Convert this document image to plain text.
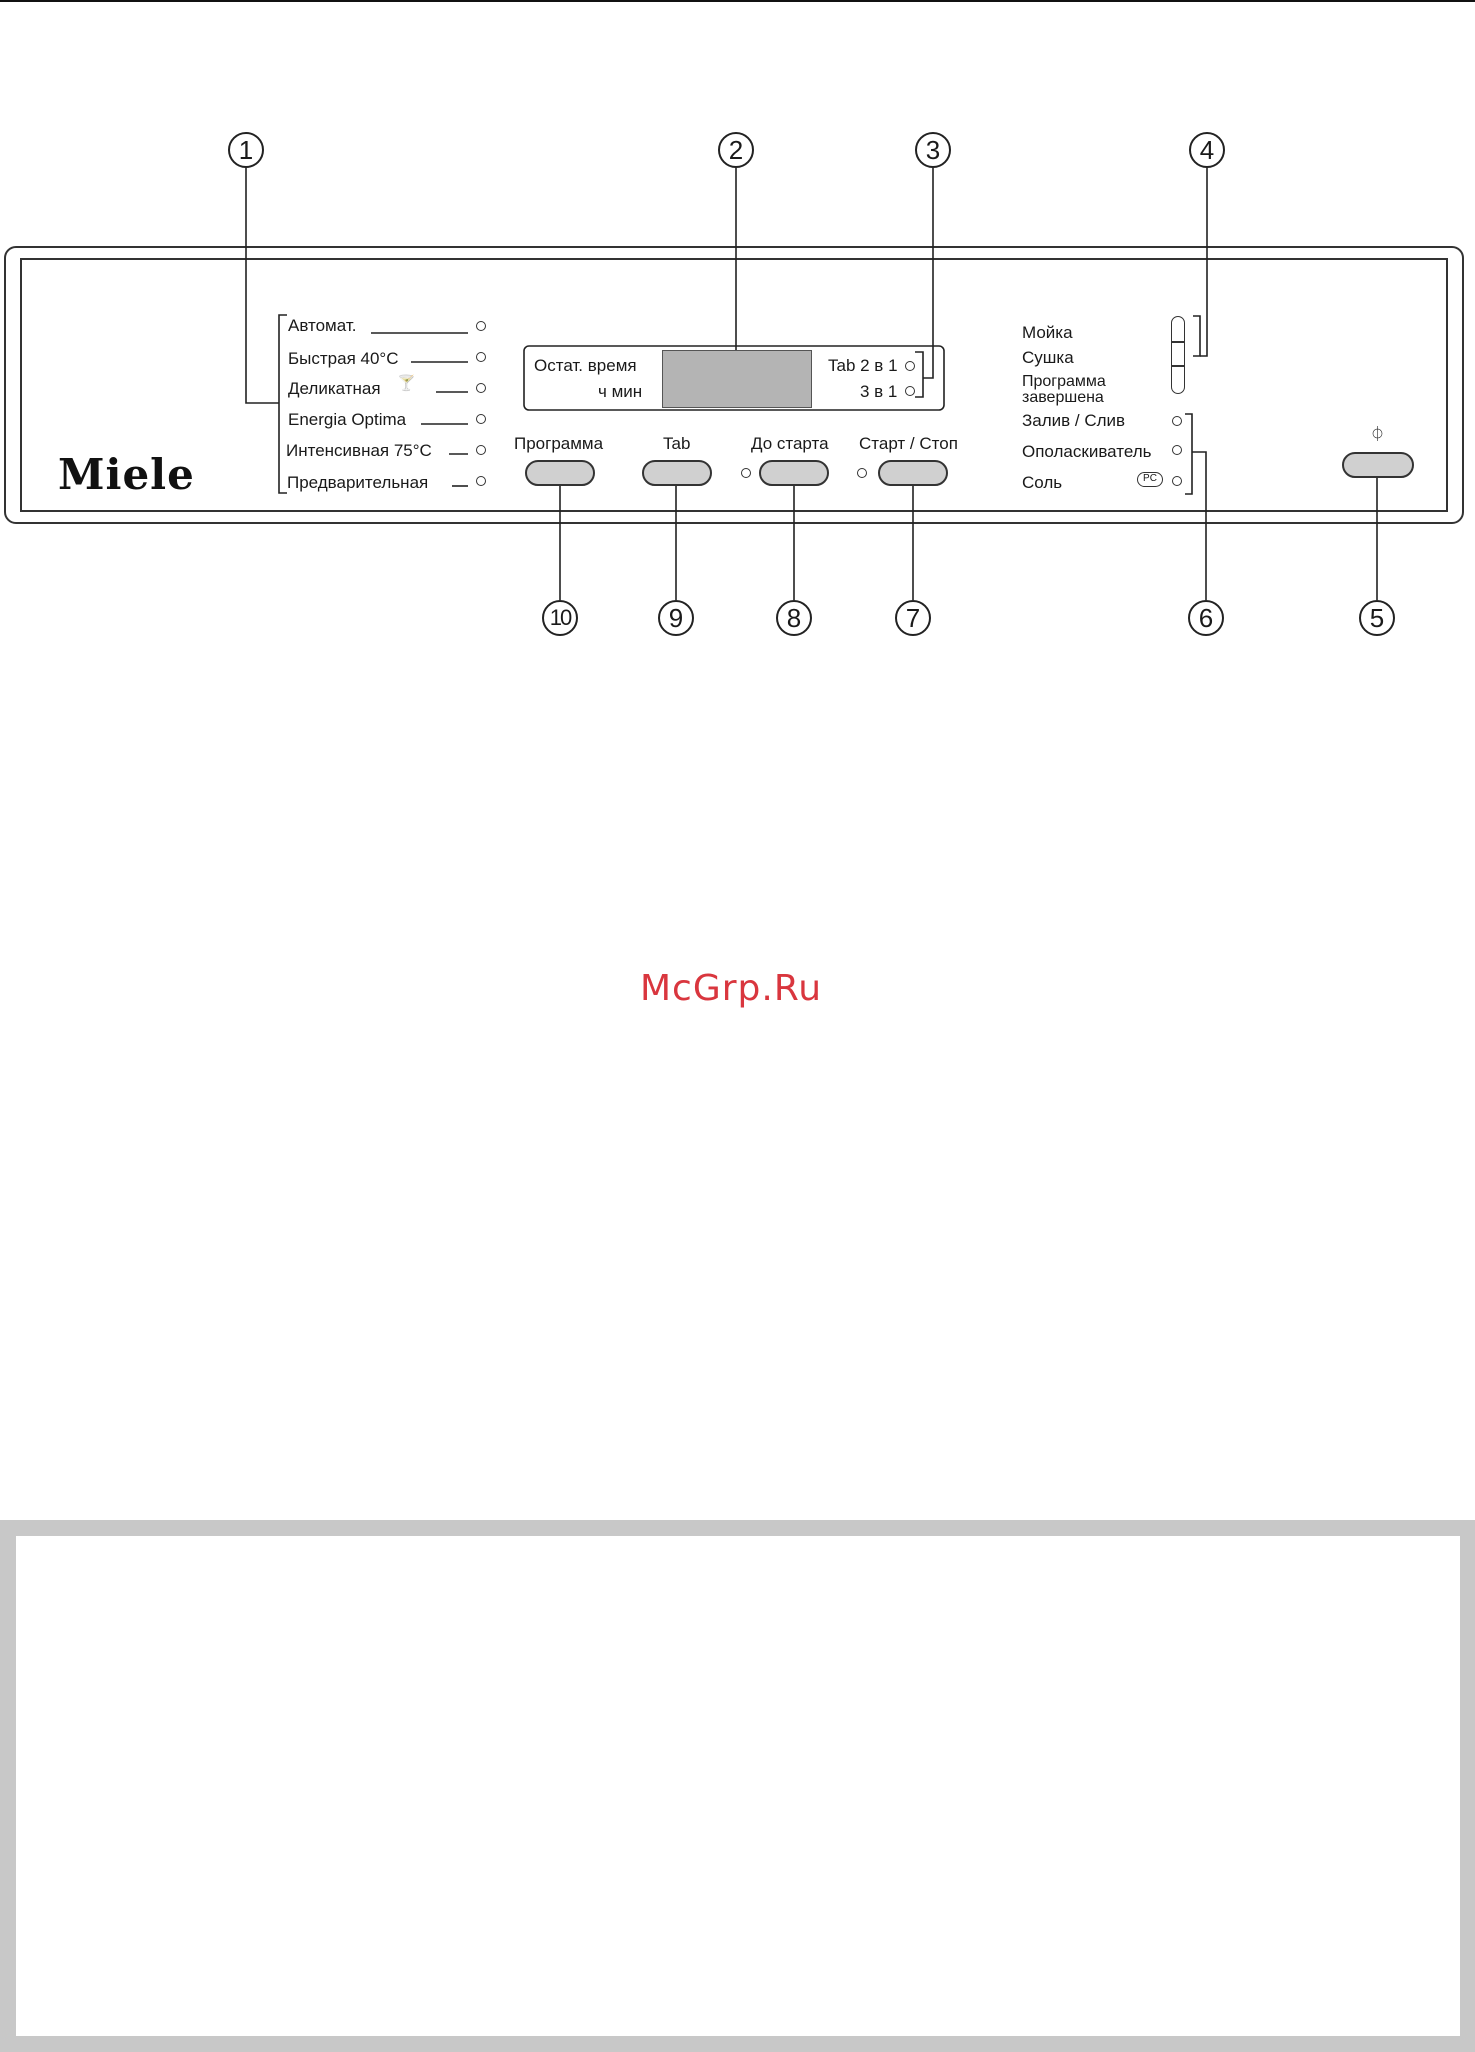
Miele
1	2	3	4
5
6
7
8
9
10
Автомат.
Быстрая 40°C
Деликатная 🍸
Energia Optima
Интенсивная 75°C
Предварительная
Остат. время
ч мин
Tab 2 в 1
3 в 1
Программа	Tab	До старта Старт / Стоп
Мойка
Сушка
Программа
завершена
Залив / Слив
Ополаскиватель
Соль	PC
⏀
McGrp.Ru
